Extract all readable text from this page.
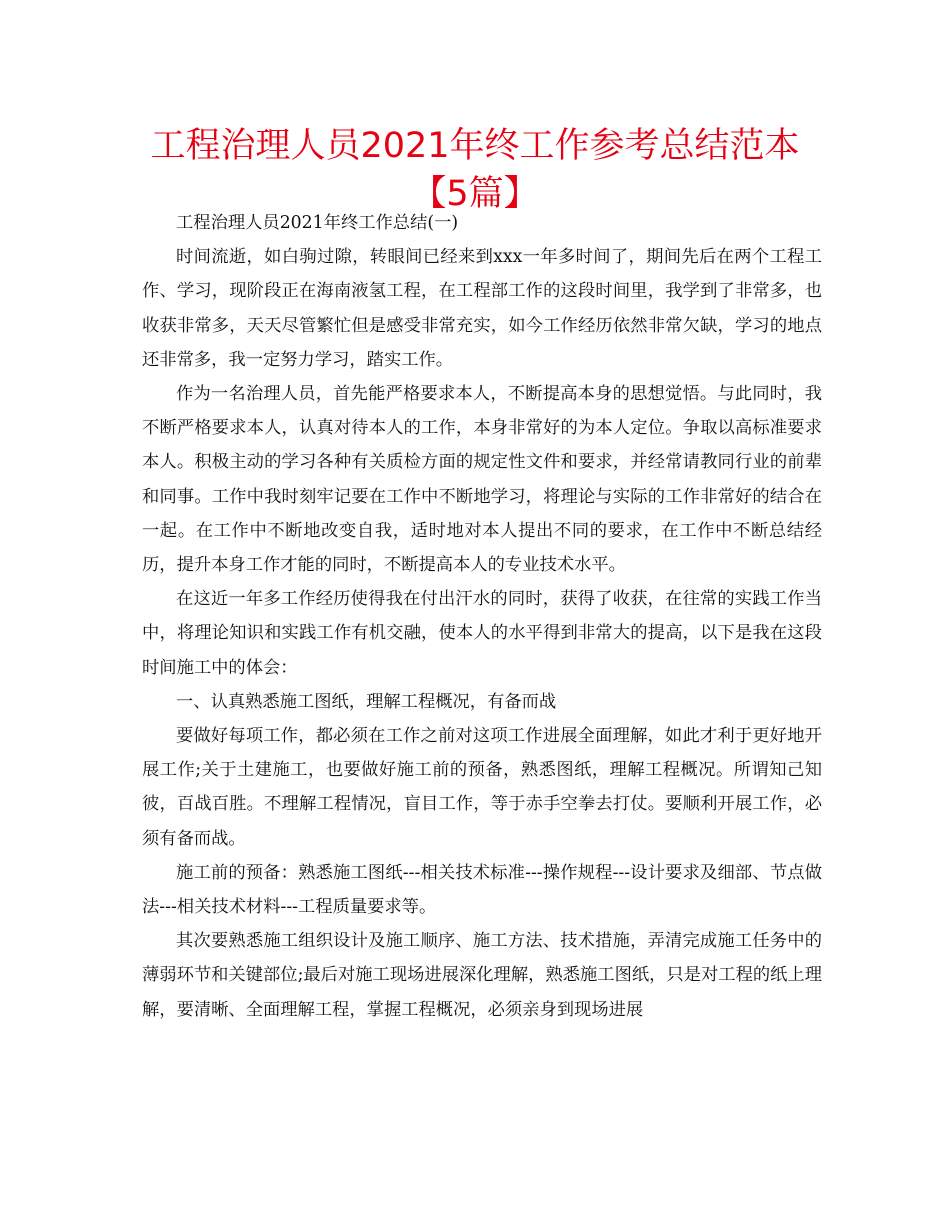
工程治理人员2021年终工作参考总结范本【5篇】

工程治理人员2021年终工作总结(一)

时间流逝，如白驹过隙，转眼间已经来到xxx一年多时间了，期间先后在两个工程工作、学习，现阶段正在海南液氢工程，在工程部工作的这段时间里，我学到了非常多，也收获非常多，天天尽管繁忙但是感受非常充实，如今工作经历依然非常欠缺，学习的地点还非常多，我一定努力学习，踏实工作。

作为一名治理人员，首先能严格要求本人，不断提高本身的思想觉悟。与此同时，我不断严格要求本人，认真对待本人的工作，本身非常好的为本人定位。争取以高标准要求本人。积极主动的学习各种有关质检方面的规定性文件和要求，并经常请教同行业的前辈和同事。工作中我时刻牢记要在工作中不断地学习，将理论与实际的工作非常好的结合在一起。在工作中不断地改变自我，适时地对本人提出不同的要求，在工作中不断总结经历，提升本身工作才能的同时，不断提高本人的专业技术水平。

在这近一年多工作经历使得我在付出汗水的同时，获得了收获，在往常的实践工作当中，将理论知识和实践工作有机交融，使本人的水平得到非常大的提高，以下是我在这段时间施工中的体会：

一、认真熟悉施工图纸，理解工程概况，有备而战

要做好每项工作，都必须在工作之前对这项工作进展全面理解，如此才利于更好地开展工作;关于土建施工，也要做好施工前的预备，熟悉图纸，理解工程概况。所谓知己知彼，百战百胜。不理解工程情况，盲目工作，等于赤手空拳去打仗。要顺利开展工作，必须有备而战。

施工前的预备：熟悉施工图纸---相关技术标准---操作规程---设计要求及细部、节点做法---相关技术材料---工程质量要求等。

其次要熟悉施工组织设计及施工顺序、施工方法、技术措施，弄清完成施工任务中的薄弱环节和关键部位;最后对施工现场进展深化理解，熟悉施工图纸，只是对工程的纸上理解，要清晰、全面理解工程，掌握工程概况，必须亲身到现场进展
